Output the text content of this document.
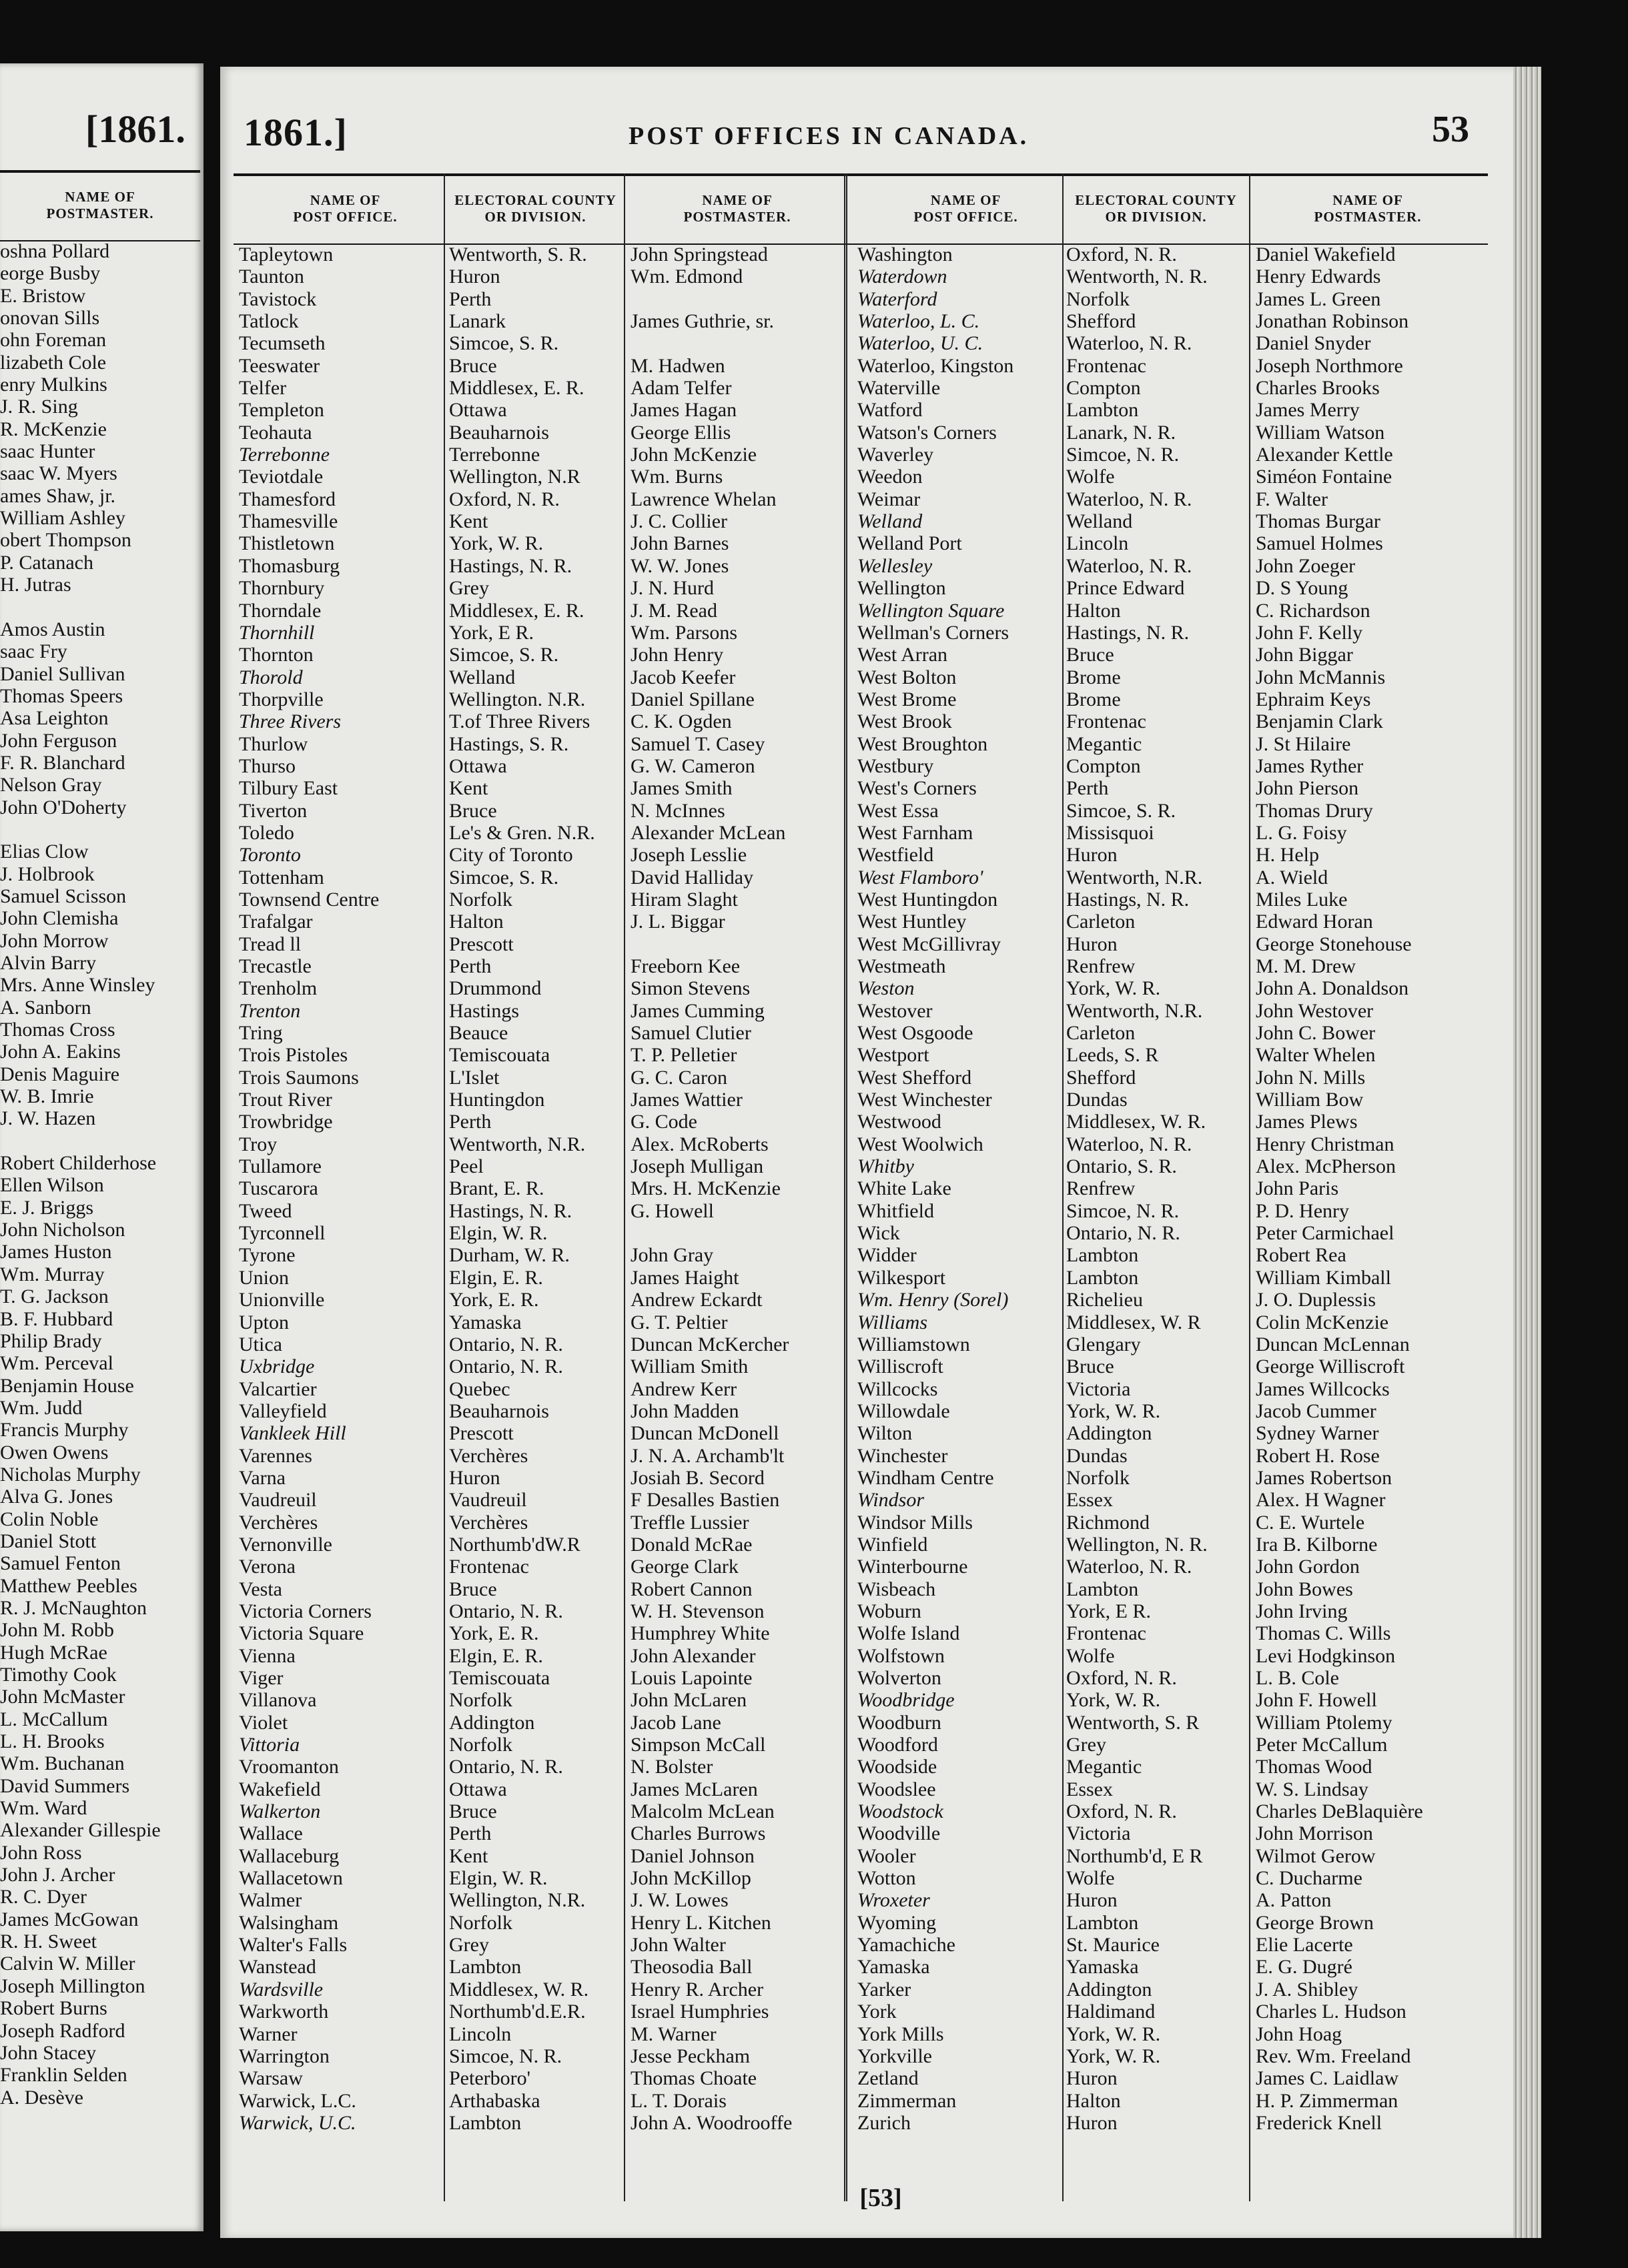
[1861.
NAME OF
POSTMASTER.
oshna Pollard
eorge Busby
E. Bristow
onovan Sills
ohn Foreman
lizabeth Cole
enry Mulkins
J. R. Sing
R. McKenzie
saac Hunter
saac W. Myers
ames Shaw, jr.
William Ashley
obert Thompson
P. Catanach
H. Jutras
Amos Austin
saac Fry
Daniel Sullivan
Thomas Speers
Asa Leighton
John Ferguson
F. R. Blanchard
Nelson Gray
John O'Doherty
Elias Clow
J. Holbrook
Samuel Scisson
John Clemisha
John Morrow
Alvin Barry
Mrs. Anne Winsley
A. Sanborn
Thomas Cross
John A. Eakins
Denis Maguire
W. B. Imrie
J. W. Hazen
Robert Childerhose
Ellen Wilson
E. J. Briggs
John Nicholson
James Huston
Wm. Murray
T. G. Jackson
B. F. Hubbard
Philip Brady
Wm. Perceval
Benjamin House
Wm. Judd
Francis Murphy
Owen Owens
Nicholas Murphy
Alva G. Jones
Colin Noble
Daniel Stott
Samuel Fenton
Matthew Peebles
R. J. McNaughton
John M. Robb
Hugh McRae
Timothy Cook
John McMaster
L. McCallum
L. H. Brooks
Wm. Buchanan
David Summers
Wm. Ward
Alexander Gillespie
John Ross
John J. Archer
R. C. Dyer
James McGowan
R. H. Sweet
Calvin W. Miller
Joseph Millington
Robert Burns
Joseph Radford
John Stacey
Franklin Selden
A. Desève
1861.]	POST OFFICES IN CANADA.	53
NAME OF
POST OFFICE.
ELECTORAL COUNTY
OR DIVISION.
NAME OF
POSTMASTER.
NAME OF
POST OFFICE.
ELECTORAL COUNTY
OR DIVISION.
NAME OF
POSTMASTER.
Tapleytown
Taunton
Tavistock
Tatlock
Tecumseth
Teeswater
Telfer
Templeton
Teohauta
Terrebonne
Teviotdale
Thamesford
Thamesville
Thistletown
Thomasburg
Thornbury
Thorndale
Thornhill
Thornton
Thorold
Thorpville
Three Rivers
Thurlow
Thurso
Tilbury East
Tiverton
Toledo
Toronto
Tottenham
Townsend Centre
Trafalgar
Tread ll
Trecastle
Trenholm
Trenton
Tring
Trois Pistoles
Trois Saumons
Trout River
Trowbridge
Troy
Tullamore
Tuscarora
Tweed
Tyrconnell
Tyrone
Union
Unionville
Upton
Utica
Uxbridge
Valcartier
Valleyfield
Vankleek Hill
Varennes
Varna
Vaudreuil
Verchères
Vernonville
Verona
Vesta
Victoria Corners
Victoria Square
Vienna
Viger
Villanova
Violet
Vittoria
Vroomanton
Wakefield
Walkerton
Wallace
Wallaceburg
Wallacetown
Walmer
Walsingham
Walter's Falls
Wanstead
Wardsville
Warkworth
Warner
Warrington
Warsaw
Warwick, L.C.
Warwick, U.C.
Wentworth, S. R.
Huron
Perth
Lanark
Simcoe, S. R.
Bruce
Middlesex, E. R.
Ottawa
Beauharnois
Terrebonne
Wellington, N.R
Oxford, N. R.
Kent
York, W. R.
Hastings, N. R.
Grey
Middlesex, E. R.
York, E R.
Simcoe, S. R.
Welland
Wellington. N.R.
T.of Three Rivers
Hastings, S. R.
Ottawa
Kent
Bruce
Le's & Gren. N.R.
City of Toronto
Simcoe, S. R.
Norfolk
Halton
Prescott
Perth
Drummond
Hastings
Beauce
Temiscouata
L'Islet
Huntingdon
Perth
Wentworth, N.R.
Peel
Brant, E. R.
Hastings, N. R.
Elgin, W. R.
Durham, W. R.
Elgin, E. R.
York, E. R.
Yamaska
Ontario, N. R.
Ontario, N. R.
Quebec
Beauharnois
Prescott
Verchères
Huron
Vaudreuil
Verchères
Northumb'dW.R
Frontenac
Bruce
Ontario, N. R.
York, E. R.
Elgin, E. R.
Temiscouata
Norfolk
Addington
Norfolk
Ontario, N. R.
Ottawa
Bruce
Perth
Kent
Elgin, W. R.
Wellington, N.R.
Norfolk
Grey
Lambton
Middlesex, W. R.
Northumb'd.E.R.
Lincoln
Simcoe, N. R.
Peterboro'
Arthabaska
Lambton
John Springstead
Wm. Edmond
James Guthrie, sr.
M. Hadwen
Adam Telfer
James Hagan
George Ellis
John McKenzie
Wm. Burns
Lawrence Whelan
J. C. Collier
John Barnes
W. W. Jones
J. N. Hurd
J. M. Read
Wm. Parsons
John Henry
Jacob Keefer
Daniel Spillane
C. K. Ogden
Samuel T. Casey
G. W. Cameron
James Smith
N. McInnes
Alexander McLean
Joseph Lesslie
David Halliday
Hiram Slaght
J. L. Biggar
Freeborn Kee
Simon Stevens
James Cumming
Samuel Clutier
T. P. Pelletier
G. C. Caron
James Wattier
G. Code
Alex. McRoberts
Joseph Mulligan
Mrs. H. McKenzie
G. Howell
John Gray
James Haight
Andrew Eckardt
G. T. Peltier
Duncan McKercher
William Smith
Andrew Kerr
John Madden
Duncan McDonell
J. N. A. Archamb'lt
Josiah B. Secord
F Desalles Bastien
Treffle Lussier
Donald McRae
George Clark
Robert Cannon
W. H. Stevenson
Humphrey White
John Alexander
Louis Lapointe
John McLaren
Jacob Lane
Simpson McCall
N. Bolster
James McLaren
Malcolm McLean
Charles Burrows
Daniel Johnson
John McKillop
J. W. Lowes
Henry L. Kitchen
John Walter
Theosodia Ball
Henry R. Archer
Israel Humphries
M. Warner
Jesse Peckham
Thomas Choate
L. T. Dorais
John A. Woodrooffe
Washington
Waterdown
Waterford
Waterloo, L. C.
Waterloo, U. C.
Waterloo, Kingston
Waterville
Watford
Watson's Corners
Waverley
Weedon
Weimar
Welland
Welland Port
Wellesley
Wellington
Wellington Square
Wellman's Corners
West Arran
West Bolton
West Brome
West Brook
West Broughton
Westbury
West's Corners
West Essa
West Farnham
Westfield
West Flamboro'
West Huntingdon
West Huntley
West McGillivray
Westmeath
Weston
Westover
West Osgoode
Westport
West Shefford
West Winchester
Westwood
West Woolwich
Whitby
White Lake
Whitfield
Wick
Widder
Wilkesport
Wm. Henry (Sorel)
Williams
Williamstown
Williscroft
Willcocks
Willowdale
Wilton
Winchester
Windham Centre
Windsor
Windsor Mills
Winfield
Winterbourne
Wisbeach
Woburn
Wolfe Island
Wolfstown
Wolverton
Woodbridge
Woodburn
Woodford
Woodside
Woodslee
Woodstock
Woodville
Wooler
Wotton
Wroxeter
Wyoming
Yamachiche
Yamaska
Yarker
York
York Mills
Yorkville
Zetland
Zimmerman
Zurich
Oxford, N. R.
Wentworth, N. R.
Norfolk
Shefford
Waterloo, N. R.
Frontenac
Compton
Lambton
Lanark, N. R.
Simcoe, N. R.
Wolfe
Waterloo, N. R.
Welland
Lincoln
Waterloo, N. R.
Prince Edward
Halton
Hastings, N. R.
Bruce
Brome
Brome
Frontenac
Megantic
Compton
Perth
Simcoe, S. R.
Missisquoi
Huron
Wentworth, N.R.
Hastings, N. R.
Carleton
Huron
Renfrew
York, W. R.
Wentworth, N.R.
Carleton
Leeds, S. R
Shefford
Dundas
Middlesex, W. R.
Waterloo, N. R.
Ontario, S. R.
Renfrew
Simcoe, N. R.
Ontario, N. R.
Lambton
Lambton
Richelieu
Middlesex, W. R
Glengary
Bruce
Victoria
York, W. R.
Addington
Dundas
Norfolk
Essex
Richmond
Wellington, N. R.
Waterloo, N. R.
Lambton
York, E R.
Frontenac
Wolfe
Oxford, N. R.
York, W. R.
Wentworth, S. R
Grey
Megantic
Essex
Oxford, N. R.
Victoria
Northumb'd, E R
Wolfe
Huron
Lambton
St. Maurice
Yamaska
Addington
Haldimand
York, W. R.
York, W. R.
Huron
Halton
Huron
Daniel Wakefield
Henry Edwards
James L. Green
Jonathan Robinson
Daniel Snyder
Joseph Northmore
Charles Brooks
James Merry
William Watson
Alexander Kettle
Siméon Fontaine
F. Walter
Thomas Burgar
Samuel Holmes
John Zoeger
D. S Young
C. Richardson
John F. Kelly
John Biggar
John McMannis
Ephraim Keys
Benjamin Clark
J. St Hilaire
James Ryther
John Pierson
Thomas Drury
L. G. Foisy
H. Help
A. Wield
Miles Luke
Edward Horan
George Stonehouse
M. M. Drew
John A. Donaldson
John Westover
John C. Bower
Walter Whelen
John N. Mills
William Bow
James Plews
Henry Christman
Alex. McPherson
John Paris
P. D. Henry
Peter Carmichael
Robert Rea
William Kimball
J. O. Duplessis
Colin McKenzie
Duncan McLennan
George Williscroft
James Willcocks
Jacob Cummer
Sydney Warner
Robert H. Rose
James Robertson
Alex. H Wagner
C. E. Wurtele
Ira B. Kilborne
John Gordon
John Bowes
John Irving
Thomas C. Wills
Levi Hodgkinson
L. B. Cole
John F. Howell
William Ptolemy
Peter McCallum
Thomas Wood
W. S. Lindsay
Charles DeBlaquière
John Morrison
Wilmot Gerow
C. Ducharme
A. Patton
George Brown
Elie Lacerte
E. G. Dugré
J. A. Shibley
Charles L. Hudson
John Hoag
Rev. Wm. Freeland
James C. Laidlaw
H. P. Zimmerman
Frederick Knell
[53]
